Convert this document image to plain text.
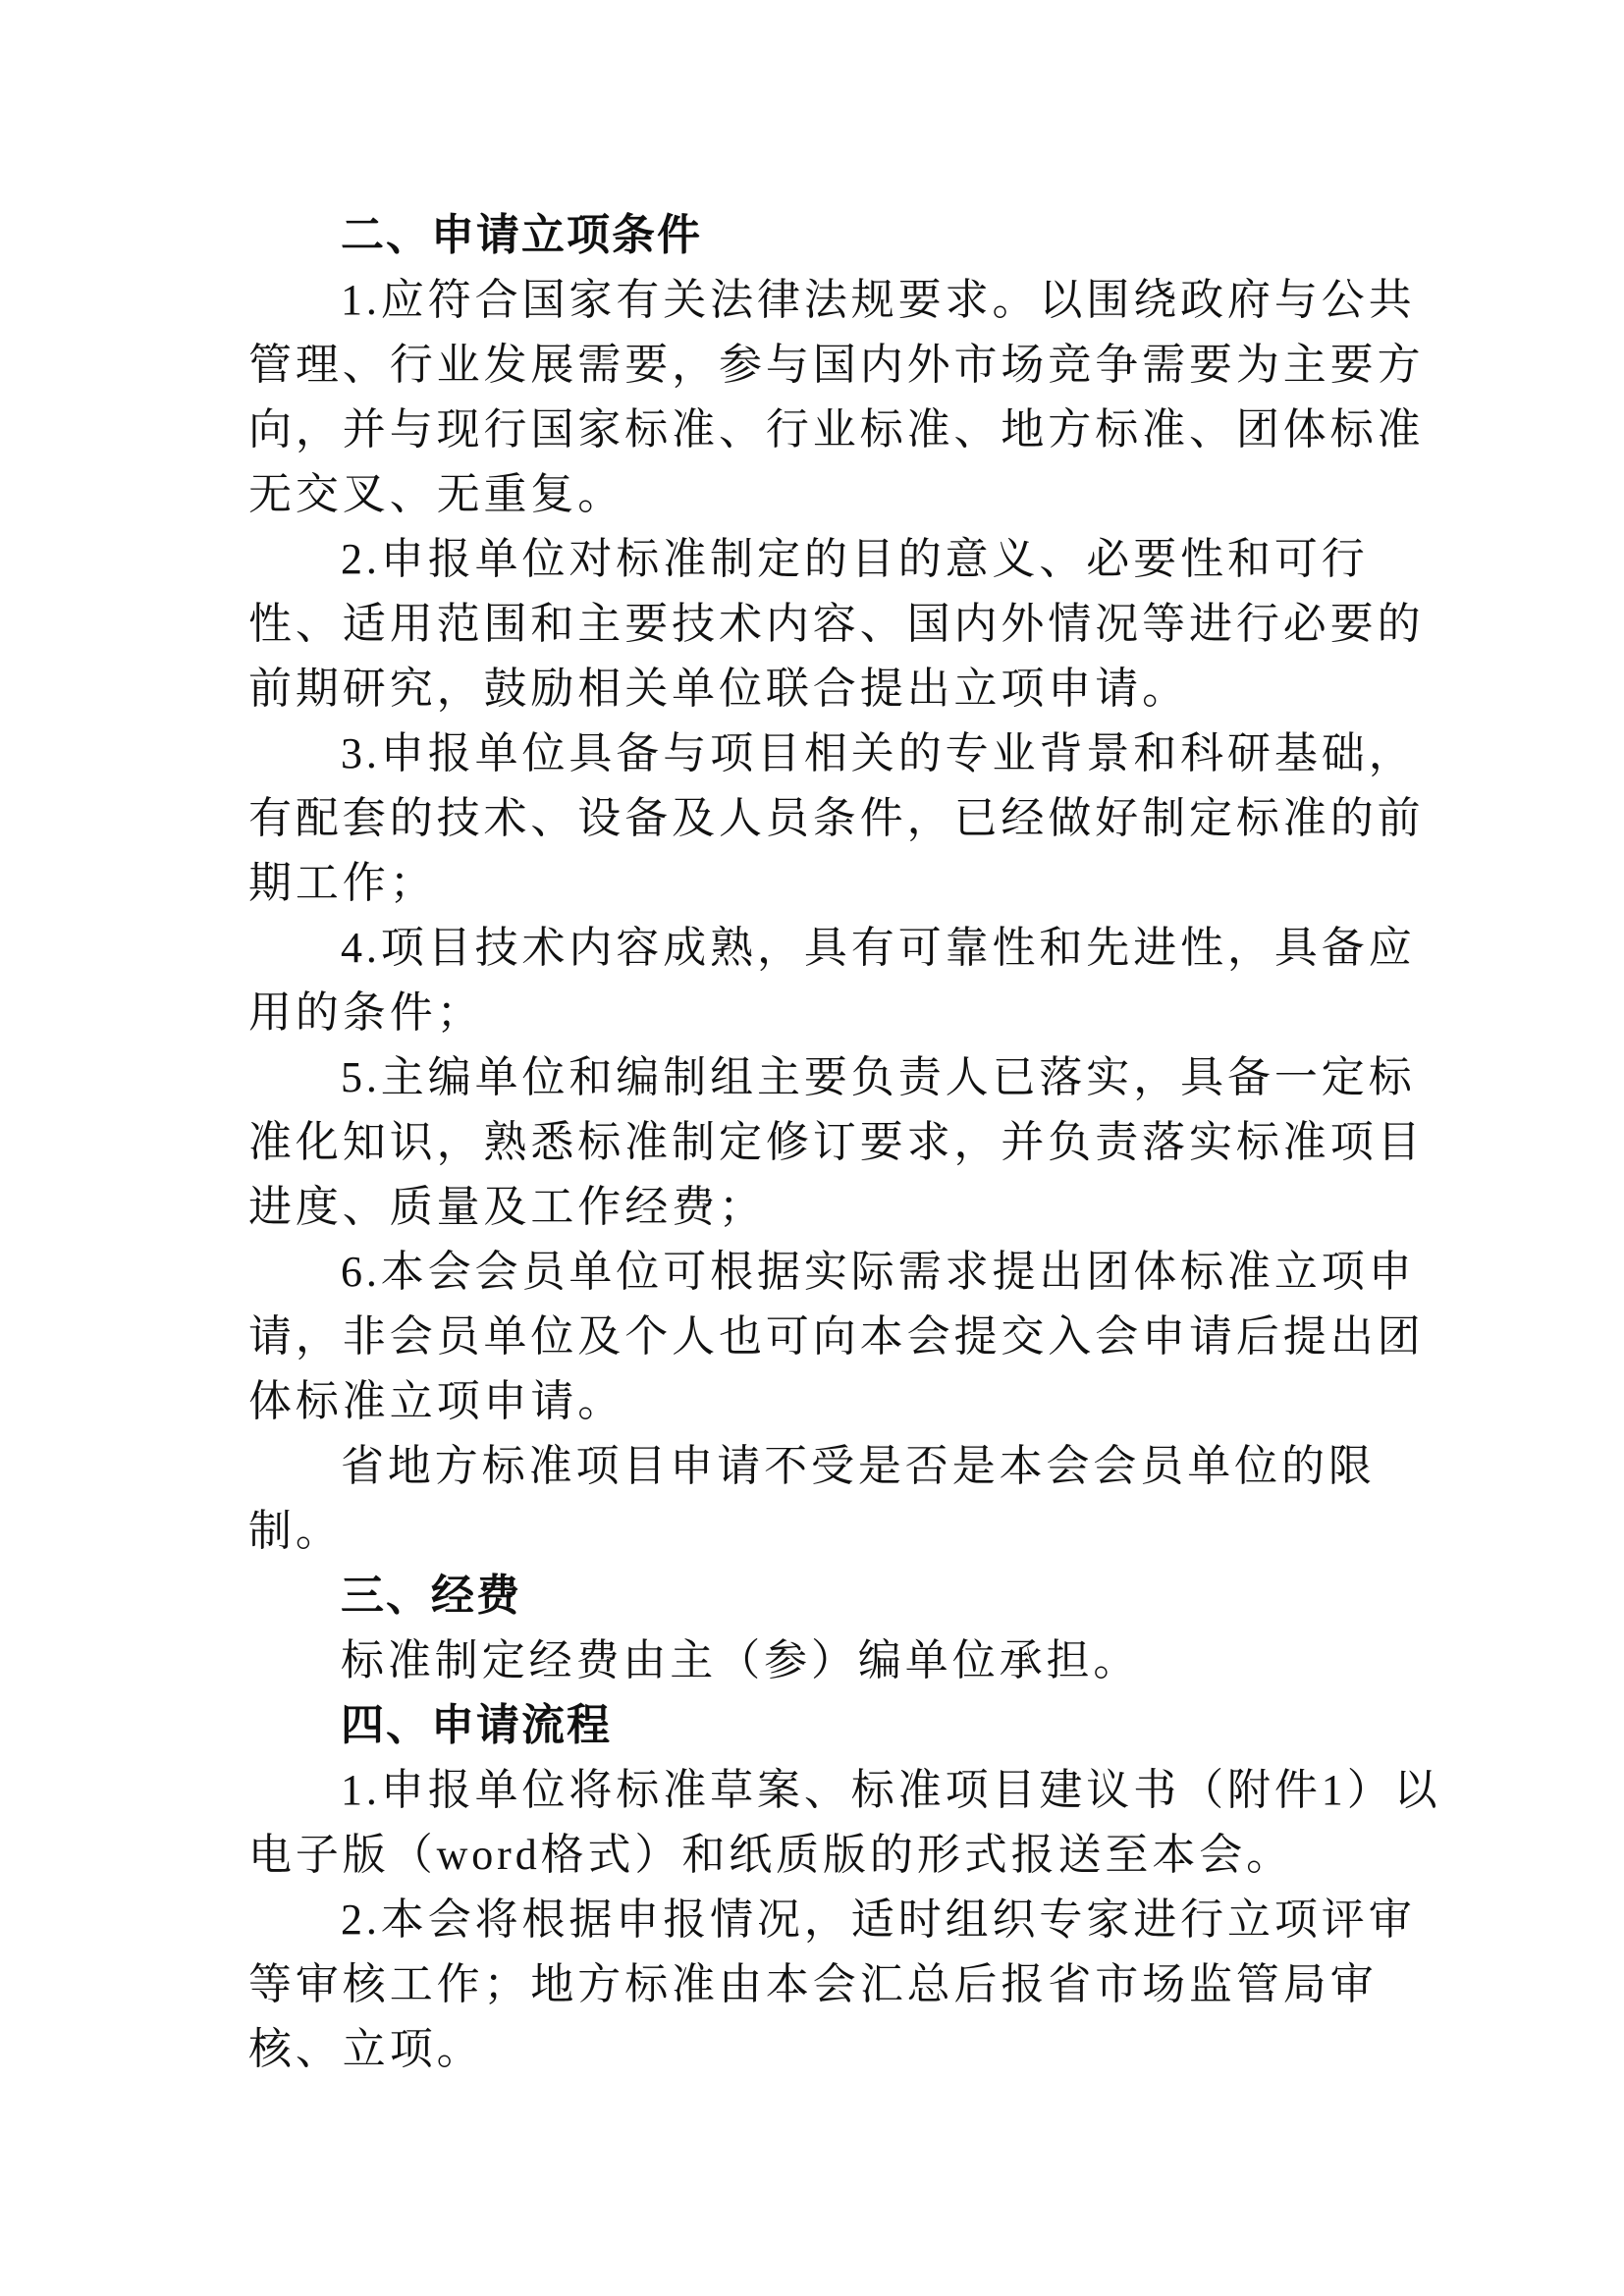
二、申请立项条件
1.应符合国家有关法律法规要求。以围绕政府与公共
管理、行业发展需要，参与国内外市场竞争需要为主要方
向，并与现行国家标准、行业标准、地方标准、团体标准
无交叉、无重复。
2.申报单位对标准制定的目的意义、必要性和可行
性、适用范围和主要技术内容、国内外情况等进行必要的
前期研究，鼓励相关单位联合提出立项申请。
3.申报单位具备与项目相关的专业背景和科研基础，
有配套的技术、设备及人员条件，已经做好制定标准的前
期工作；
4.项目技术内容成熟，具有可靠性和先进性，具备应
用的条件；
5.主编单位和编制组主要负责人已落实，具备一定标
准化知识，熟悉标准制定修订要求，并负责落实标准项目
进度、质量及工作经费；
6.本会会员单位可根据实际需求提出团体标准立项申
请，非会员单位及个人也可向本会提交入会申请后提出团
体标准立项申请。
省地方标准项目申请不受是否是本会会员单位的限
制。
三、经费
标准制定经费由主（参）编单位承担。
四、申请流程
1.申报单位将标准草案、标准项目建议书（附件1）以
电子版（word格式）和纸质版的形式报送至本会。
2.本会将根据申报情况，适时组织专家进行立项评审
等审核工作；地方标准由本会汇总后报省市场监管局审
核、立项。
